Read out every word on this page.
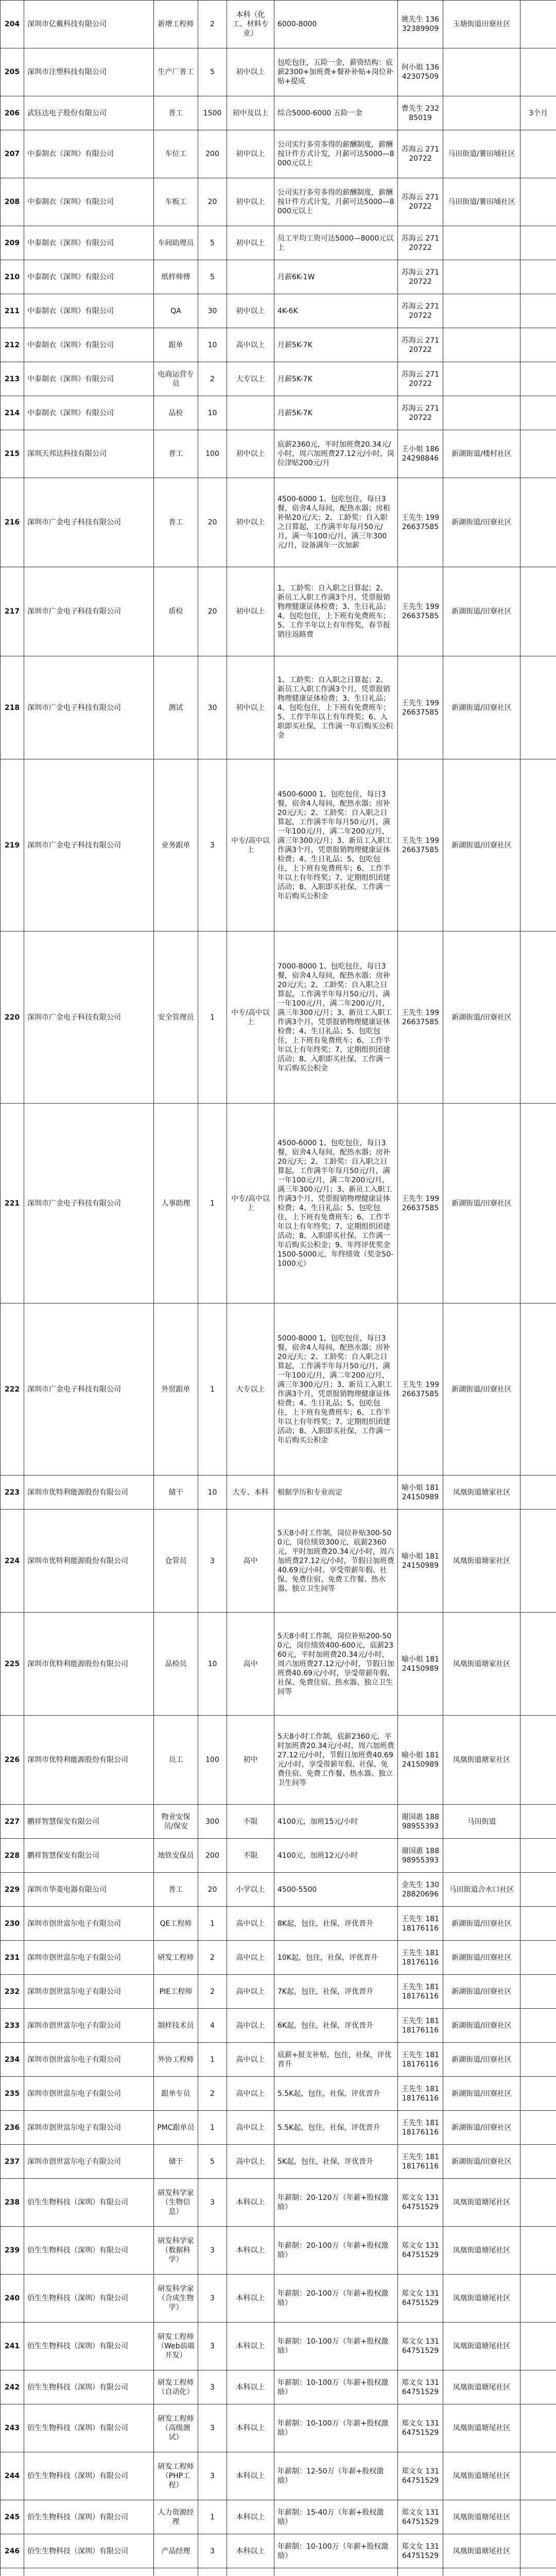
204	深圳市亿戴科技有限公司	新增工程师	2	本科（化工、材料专业）	6000-8000	姚先生 13632389909	玉塘街道田寮社区	
205	深圳市注塑科技有限公司	生产厂普工	5	初中以上	包吃包住，五险一金，薪资结构：底薪2300+加班费+餐补补贴+岗位补贴+提成	何小姐 13642307509		
206	武钰达电子股份有限公司	普工	1500	初中及以上	综合5000-6000 五险一金	曹先生 23285019		3个月
207	中泰制衣（深圳）有限公司	车位工	200	初中以上	公司实行多劳多得的薪酬制度，薪酬按计件方式计发，月薪可达5000—8000元以上	苏海云 27120722	马田街道/薯田埔社区	
208	中泰制衣（深圳）有限公司	车板工	20	初中以上	公司实行多劳多得的薪酬制度，薪酬按计件方式计发，月薪可达5000—8000元以上	苏海云 27120722	马田街道/薯田埔社区	
209	中泰制衣（深圳）有限公司	车间助理员	5	初中以上	员工平均工资可达5000—8000元以上	苏海云 27120722		
210	中泰制衣（深圳）有限公司	纸样师傅	5		月薪6K-1W	苏海云 27120722		
211	中泰制衣（深圳）有限公司	QA	30	初中以上	4K-6K	苏海云 27120722		
212	中泰制衣（深圳）有限公司	跟单	10	高中以上	月薪5K-7K	苏海云 27120722		
213	中泰制衣（深圳）有限公司	电商运营专员	2	大专以上	月薪5K-7K	苏海云 27120722		
214	中泰制衣（深圳）有限公司	品检	10		月薪5K-7K	苏海云 27120722		
215	深圳天邦达科技有限公司	普工	100	初中以上	底薪2360元，平时加班费20.34元/小时，周六加班费27.12元/小时，岗位津贴200元/月	王小姐 18624298846	新湖街道/楼村社区	
216	深圳市广金电子科技有限公司	普工	20	初中以上	4500-6000 1、包吃包住，每日3餐，宿舍4人每间，配热水器；房租补贴20元/天；2、工龄奖：自入职之日算起，工作满半年每月50元/月，满一年100元/月，满三年300元/月，设备满年一次加薪	王先生 19926637585	新湖街道/田寮社区	
217	深圳市广金电子科技有限公司	质检	20	初中以上	1、工龄奖：自入职之日算起；2、新员工入职工作满3个月，凭票报销物理健康证体检费；3、生日礼品；4、包吃包住，上下班有免费班车；5、工作半年以上有年终奖，春节报销往返路费	王先生 19926637585	新湖街道/田寮社区	
218	深圳市广金电子科技有限公司	测试	30	初中以上	1、工龄奖：自入职之日算起；2、新员工入职工作满3个月，凭票报销物理健康证体检费；3、生日礼品；4、包吃包住，上下班有免费班车；5、工作半年以上有年终奖；6、入职即买社保，工作满一年后购买公积金	王先生 19926637585	新湖街道/田寮社区	
219	深圳市广金电子科技有限公司	业务跟单	3	中专/高中以上	4500-6000 1、包吃包住，每日3餐，宿舍4人每间，配热水器；房补20元/天；2、工龄奖：自入职之日算起，工作满半年每月50元/月，满一年100元/月，满二年200元/月，满三年300元/月；3、新员工入职工作满3个月，凭票报销物理健康证体检费；4、生日礼品；5、包吃包住，上下班有免费班车；6、工作半年以上有年终奖；7、定期组织团建活动；8、入职即买社保，工作满一年后购买公积金	王先生 19926637585	新湖街道/田寮社区	
220	深圳市广金电子科技有限公司	安全管理员	1	中专/高中以上	7000-8000 1、包吃包住，每日3餐，宿舍4人每间，配热水器；房补20元/天；2、工龄奖：自入职之日算起，工作满半年每月50元/月，满一年100元/月，满二年200元/月，满三年300元/月；3、新员工入职工作满3个月，凭票报销物理健康证体检费；4、生日礼品；5、包吃包住，上下班有免费班车；6、工作半年以上有年终奖；7、定期组织团建活动；8、入职即买社保，工作满一年后购买公积金	王先生 19926637585	新湖街道/田寮社区	
221	深圳市广金电子科技有限公司	人事助理	1	中专/高中以上	4500-6000 1、包吃包住，每日3餐，宿舍4人每间，配热水器；房补20元/天；2、工龄奖：自入职之日算起，工作满半年每月50元/月，满一年100元/月，满二年200元/月，满三年300元/月；3、新员工入职工作满3个月，凭票报销物理健康证体检费；4、生日礼品；5、包吃包住，上下班有免费班车；6、工作半年以上有年终奖；7、定期组织团建活动；8、入职即买社保，工作满一年后购买公积金；9、年终评优奖金1500-5000元，年终绩效（奖金50-1000元）	王先生 19926637585	新湖街道/田寮社区	
222	深圳市广金电子科技有限公司	外贸跟单	1	大专以上	5000-8000 1、包吃包住，每日3餐，宿舍4人每间，配热水器；房补20元/天；2、工龄奖：自入职之日算起，工作满半年每月50元/月，满一年100元/月，满二年200元/月，满三年300元/月；3、新员工入职工作满3个月，凭票报销物理健康证体检费；4、生日礼品；5、包吃包住，上下班有免费班车；6、工作半年以上有年终奖；7、定期组织团建活动；8、入职即买社保，工作满一年后购买公积金	王先生 19926637585	新湖街道/田寮社区	
223	深圳市优特利能源股份有限公司	储干	10	大专、本科	根据学历和专业而定	喻小姐 18124150989	凤凰街道塘家社区	
224	深圳市优特利能源股份有限公司	仓管员	3	高中	5天8小时工作制，岗位补贴300-500元，岗位绩效300元，底薪2360元，平时加班费20.34元/小时，周六加班费27.12元/小时，节假日加班费40.69元/小时。享受带薪年假、社保、免费住宿、免费工作餐、热水器、独立卫生间等	喻小姐 18124150989	凤凰街道塘家社区	
225	深圳市优特利能源股份有限公司	品检员	10	高中	5天8小时工作制，岗位补贴200-500元，岗位绩效400-600元，底薪2360元，平时加班费20.34元/小时，周六加班费27.12元/小时，节假日加班费40.69元/小时，享受带薪年假、社保、免费住宿、热水器、独立卫生间等	喻小姐 18124150989	凤凰街道塘家社区	
226	深圳市优特利能源股份有限公司	员工	100	初中	5天8小时工作制，底薪2360元，平时加班费20.34元/小时，周六加班费27.12元/小时，节假日加班费40.69元/小时，享受带薪年假、社保、免费住宿、免费工作餐、热水器、独立卫生间等	喻小姐 18124150989	凤凰街道塘家社区	
227	鹏祥智慧保安有限公司	物业安保员/保安	300	不限	4100元，加班15元/小时	谢国惠 18898955393	马田街道	
228	鹏祥智慧保安有限公司	地铁安保员	200	不限	4100元，加班12元/小时	谢国惠 18898955393		
229	深圳市华菱电器有限公司	普工	20	小学以上	4500-5500	金先生 13028820696	马田街道合水口社区	
230	深圳市创世富尔电子有限公司	QE工程师	1	高中以上	8K起，包住，社保，评优晋升	王先生 18118176116	新湖街道/田寮社区	
231	深圳市创世富尔电子有限公司	研发工程师	2	高中以上	10K起，包住，社保，评优晋升	王先生 18118176116	新湖街道/田寮社区	
232	深圳市创世富尔电子有限公司	PIE工程师	2	高中以上	7K起，包住，社保，评优晋升	王先生 18118176116	新湖街道/田寮社区	
233	深圳市创世富尔电子有限公司	制样技术员	4	高中以上	6K起，包住，社保，评优晋升	王先生 18118176116	新湖街道/田寮社区	
234	深圳市创世富尔电子有限公司	外协工程师	1	高中以上	底薪+报支补贴，包住，社保，评优晋升	王先生 18118176116	新湖街道/田寮社区	
235	深圳市创世富尔电子有限公司	跟单专员	2	高中以上	5.5K起，包住，社保，评优晋升	王先生 18118176116	新湖街道/田寮社区	
236	深圳市创世富尔电子有限公司	PMC跟单员	1	高中以上	5.5K起，包住，社保，评优晋升	王先生 18118176116	新湖街道/田寮社区	
237	深圳市创世富尔电子有限公司	储干	5	高中以上	5K起，包住，社保，评优晋升	王先生 18118176116	新湖街道/田寮社区	
238	佰生生物科技（深圳）有限公司	研发科学家（生物信息）	3	本科以上	年薪制：20-120万（年薪+股权激励）	郑文女 13164751529	凤凰街道塘尾社区	
239	佰生生物科技（深圳）有限公司	研发科学家（数据科学）	3	本科以上	年薪制：20-100万（年薪+股权激励）	郑文女 13164751529	凤凰街道塘尾社区	
240	佰生生物科技（深圳）有限公司	研发科学家（合成生物学）	3	本科以上	年薪制：20-100万（年薪+股权激励）	郑文女 13164751529	凤凰街道塘尾社区	
241	佰生生物科技（深圳）有限公司	研发工程师（Web前端开发）	3	本科以上	年薪制：10-100万（年薪+股权激励）	郑文女 13164751529	凤凰街道塘尾社区	
242	佰生生物科技（深圳）有限公司	研发工程师（自动化）	3	本科以上	年薪制：10-100万（年薪+股权激励）	郑文女 13164751529	凤凰街道塘尾社区	
243	佰生生物科技（深圳）有限公司	研发工程师（高级测试）	3	本科以上	年薪制：10-100万（年薪+股权激励）	郑文女 13164751529	凤凰街道塘尾社区	
244	佰生生物科技（深圳）有限公司	研发工程师（PHP工程）	3	本科以上	年薪制：12-50万（年薪+股权激励）	郑文女 13164751529	凤凰街道塘尾社区	
245	佰生生物科技（深圳）有限公司	人力资源经理	1	本科以上	年薪制：15-40万（年薪+股权激励）	郑文女 13164751529	凤凰街道塘尾社区	
246	佰生生物科技（深圳）有限公司	产品经理	3	本科以上	年薪制：10-100万（年薪+股权激励）	郑文女 13164751529	凤凰街道塘尾社区	
